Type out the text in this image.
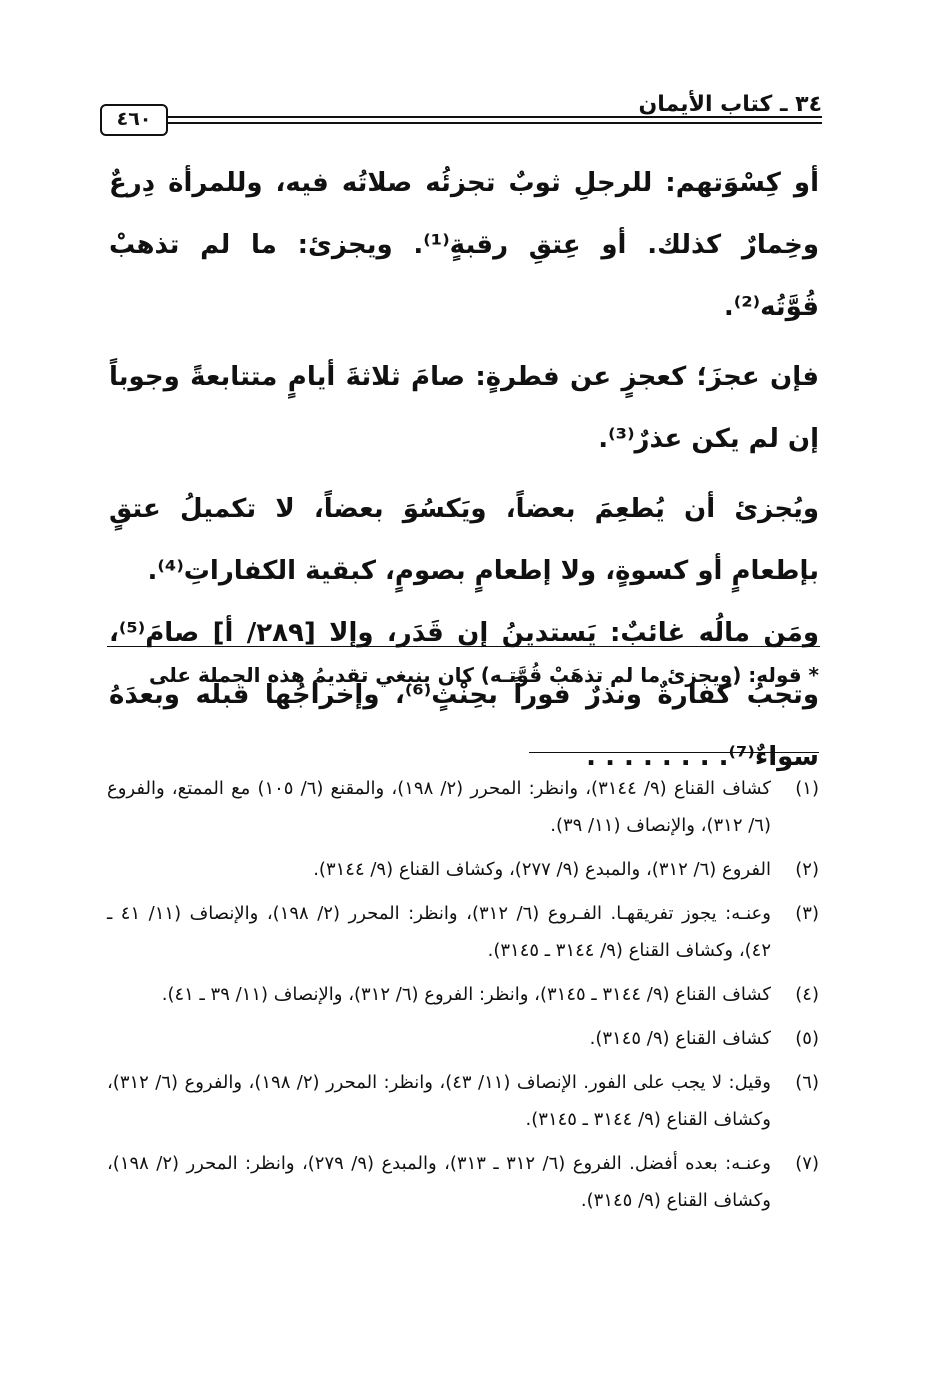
٣٤ ـ كتاب الأيمان
٤٦٠

أو كِسْوَتهم: للرجلِ ثوبٌ تجزئُه صلاتُه فيه، وللمرأة دِرعٌ وخِمارٌ كذلك. أو عِتقِ رقبةٍ⁽¹⁾. ويجزئ: ما لم تذهبْ قُوَّتُه⁽²⁾.

فإن عجزَ؛ كعجزٍ عن فطرةٍ: صامَ ثلاثةَ أيامٍ متتابعةً وجوباً إن لم يكن عذرٌ⁽³⁾.

ويُجزئ أن يُطعِمَ بعضاً، ويَكسُوَ بعضاً، لا تكميلُ عتقٍ بإطعامٍ أو كسوةٍ، ولا إطعامٍ بصومٍ، كبقية الكفاراتِ⁽⁴⁾.

ومَن مالُه غائبٌ: يَستدينُ إن قَدَر، وإلا [٢٨٩/ أ] صامَ⁽⁵⁾، وتجبُ كفارةٌ ونذرٌ فوراً بحِنْثٍ⁽⁶⁾، وإخراجُها قبلَه وبعدَهُ سواءٌ⁽⁷⁾. . . . . . . .

* قوله: (ويجزئ ما لم تذهَبْ قُوَّتـه) كان ينبغي تقديمُ هذه الجملة على
(١)
كشاف القناع (٩/ ٣١٤٤)، وانظر: المحرر (٢/ ١٩٨)، والمقنع (٦/ ١٠٥) مع الممتع، والفروع (٦/ ٣١٢)، والإنصاف (١١/ ٣٩).
(٢)
الفروع (٦/ ٣١٢)، والمبدع (٩/ ٢٧٧)، وكشاف القناع (٩/ ٣١٤٤).
(٣)
وعنـه: يجوز تفريقهـا. الفـروع (٦/ ٣١٢)، وانظر: المحرر (٢/ ١٩٨)، والإنصاف (١١/ ٤١ ـ ٤٢)، وكشاف القناع (٩/ ٣١٤٤ ـ ٣١٤٥).
(٤)
كشاف القناع (٩/ ٣١٤٤ ـ ٣١٤٥)، وانظر: الفروع (٦/ ٣١٢)، والإنصاف (١١/ ٣٩ ـ ٤١).
(٥)
كشاف القناع (٩/ ٣١٤٥).
(٦)
وقيل: لا يجب على الفور. الإنصاف (١١/ ٤٣)، وانظر: المحرر (٢/ ١٩٨)، والفروع (٦/ ٣١٢)، وكشاف القناع (٩/ ٣١٤٤ ـ ٣١٤٥).
(٧)
وعنـه: بعده أفضل. الفروع (٦/ ٣١٢ ـ ٣١٣)، والمبدع (٩/ ٢٧٩)، وانظر: المحرر (٢/ ١٩٨)، وكشاف القناع (٩/ ٣١٤٥).
